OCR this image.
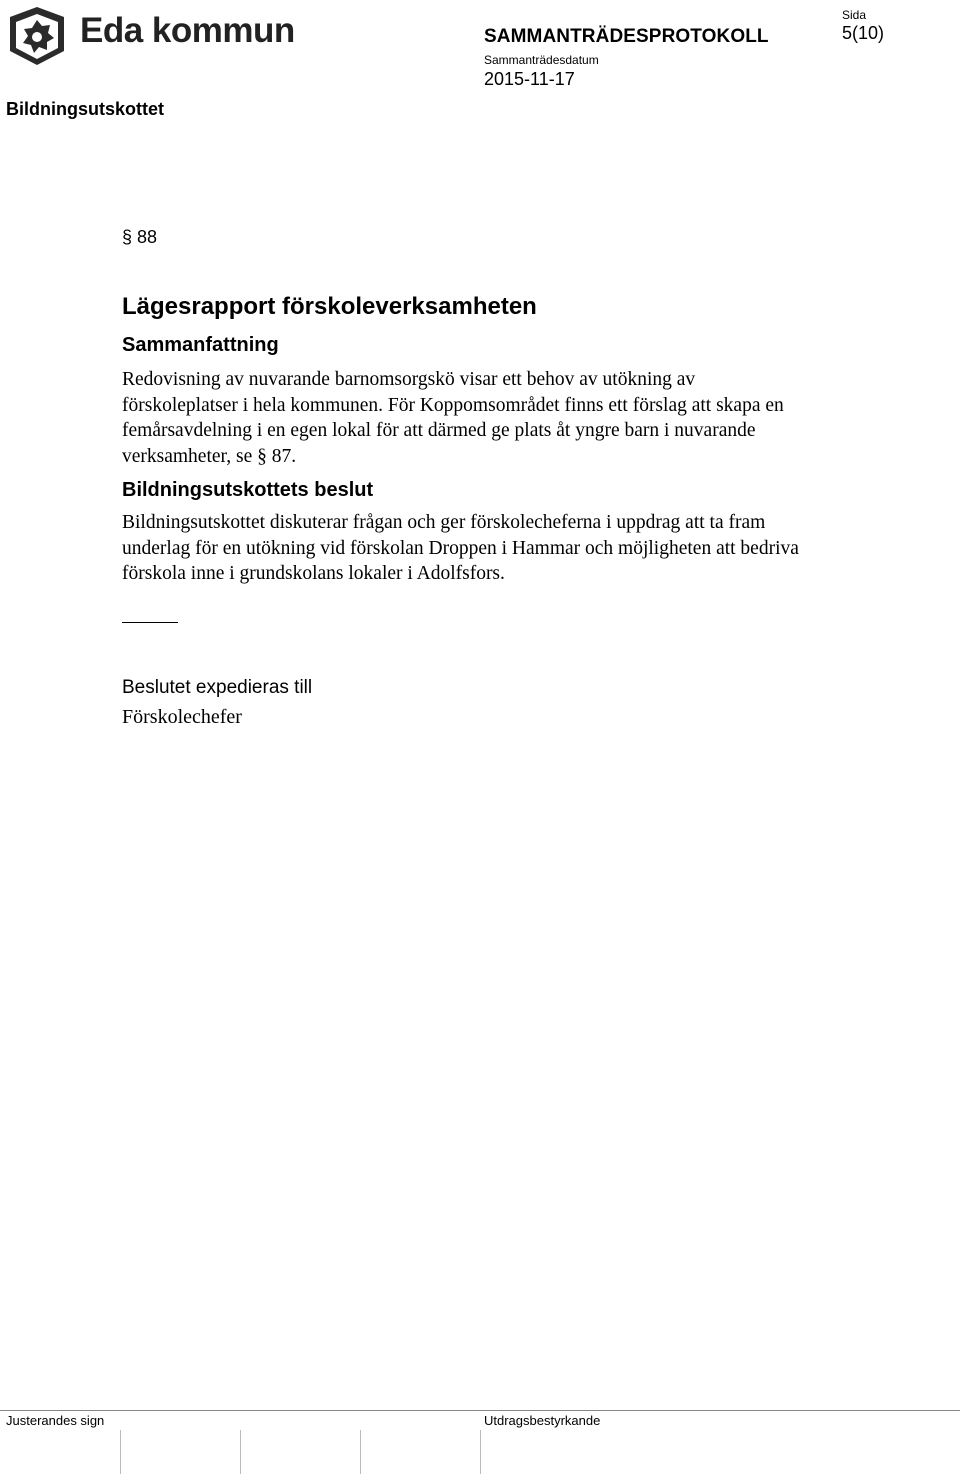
Eda kommun
Bildningsutskottet
SAMMANTRÄDESPROTOKOLL
Sammanträdesdatum
2015-11-17
Sida
5(10)
§ 88
Lägesrapport förskoleverksamheten
Sammanfattning
Redovisning av nuvarande barnomsorgskö visar ett behov av utökning av förskoleplatser i hela kommunen. För Koppomsområdet finns ett förslag att skapa en femårsavdelning i en egen lokal för att därmed ge plats åt yngre barn i nuvarande verksamheter, se § 87.
Bildningsutskottets beslut
Bildningsutskottet diskuterar frågan och ger förskolecheferna i uppdrag att ta fram underlag för en utökning vid förskolan Droppen i Hammar och möjligheten att bedriva förskola inne i grundskolans lokaler i Adolfsfors.
Beslutet expedieras till
Förskolechefer
Justerandes sign	Utdragsbestyrkande
